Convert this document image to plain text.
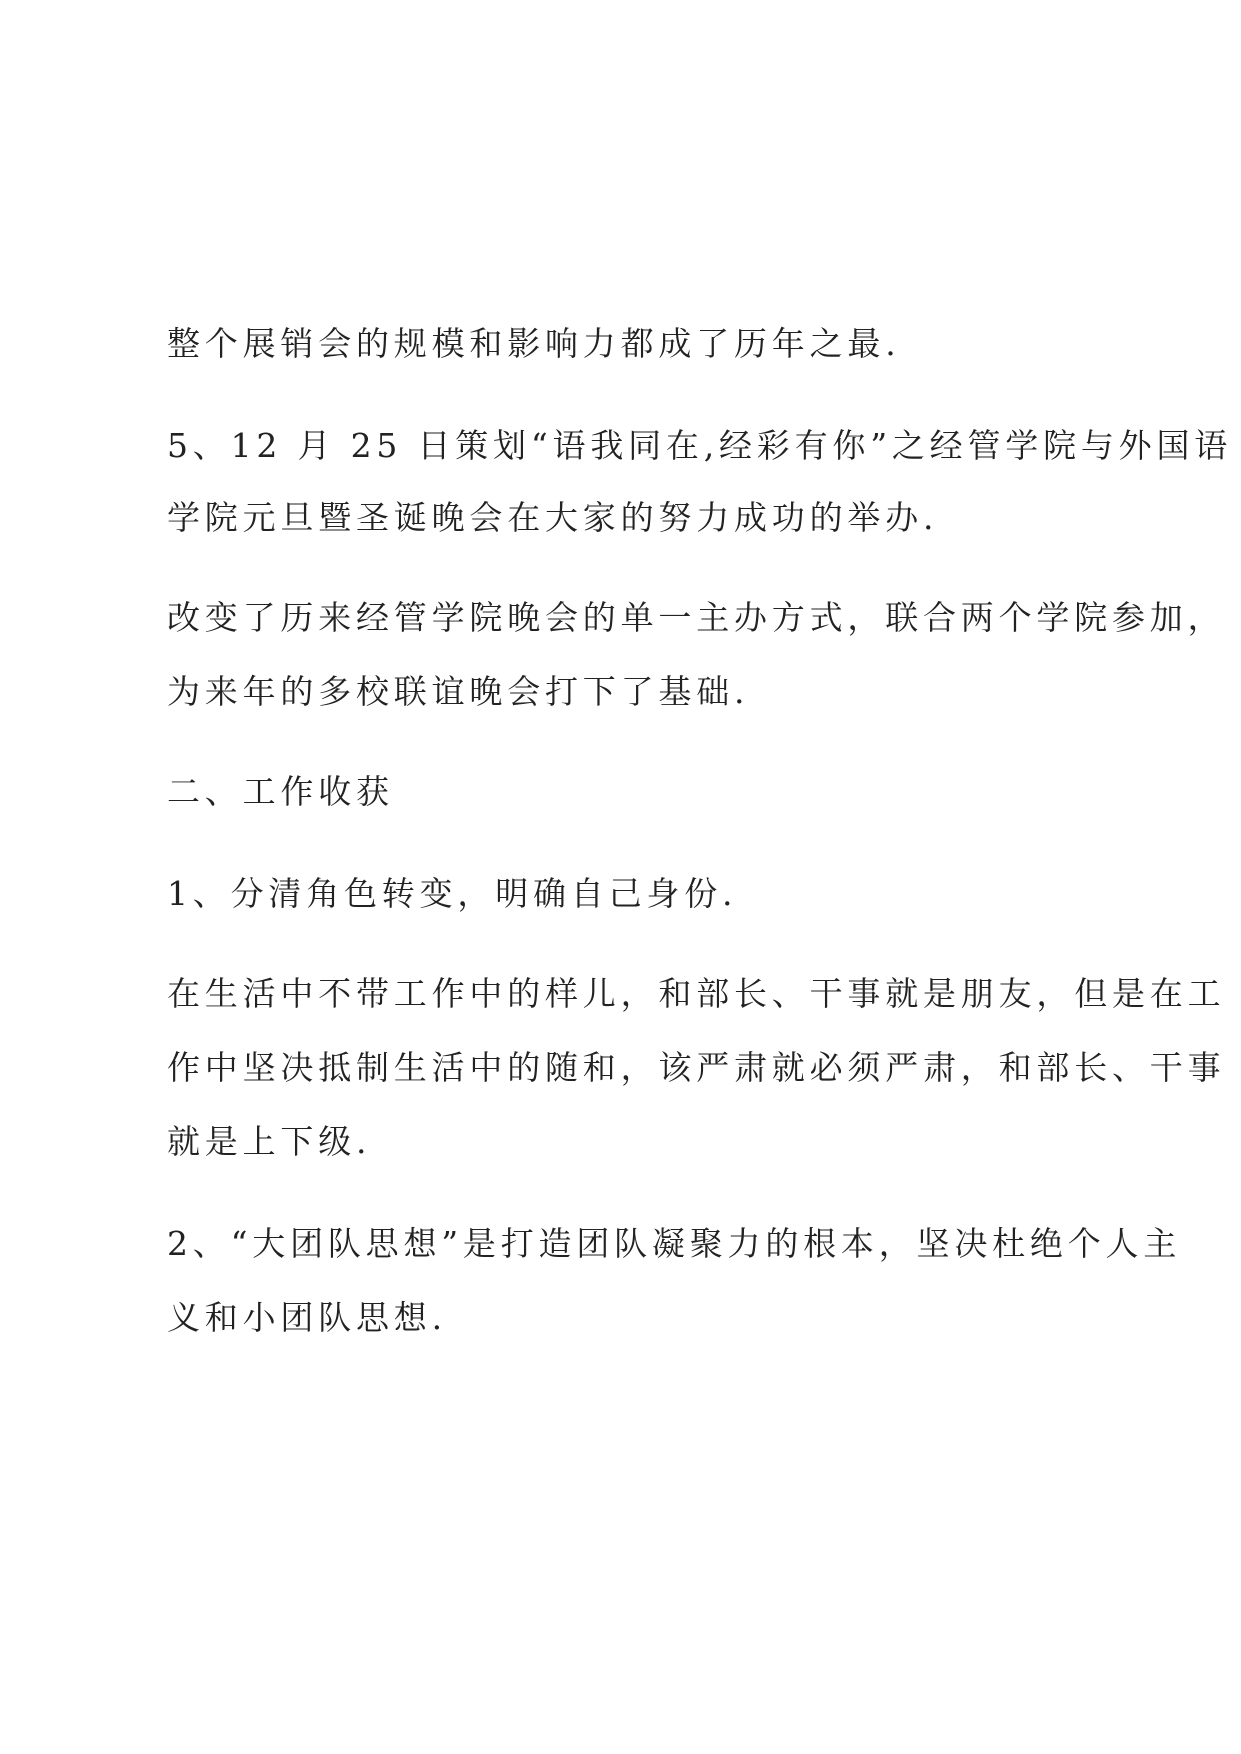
整个展销会的规模和影响力都成了历年之最.
5、12 月 25 日策划“语我同在,经彩有你”之经管学院与外国语
学院元旦暨圣诞晚会在大家的努力成功的举办.
改变了历来经管学院晚会的单一主办方式，联合两个学院参加，
为来年的多校联谊晚会打下了基础.
二、工作收获
1、分清角色转变，明确自己身份.
在生活中不带工作中的样儿，和部长、干事就是朋友，但是在工
作中坚决抵制生活中的随和，该严肃就必须严肃，和部长、干事
就是上下级.
2、“大团队思想”是打造团队凝聚力的根本，坚决杜绝个人主
义和小团队思想.
